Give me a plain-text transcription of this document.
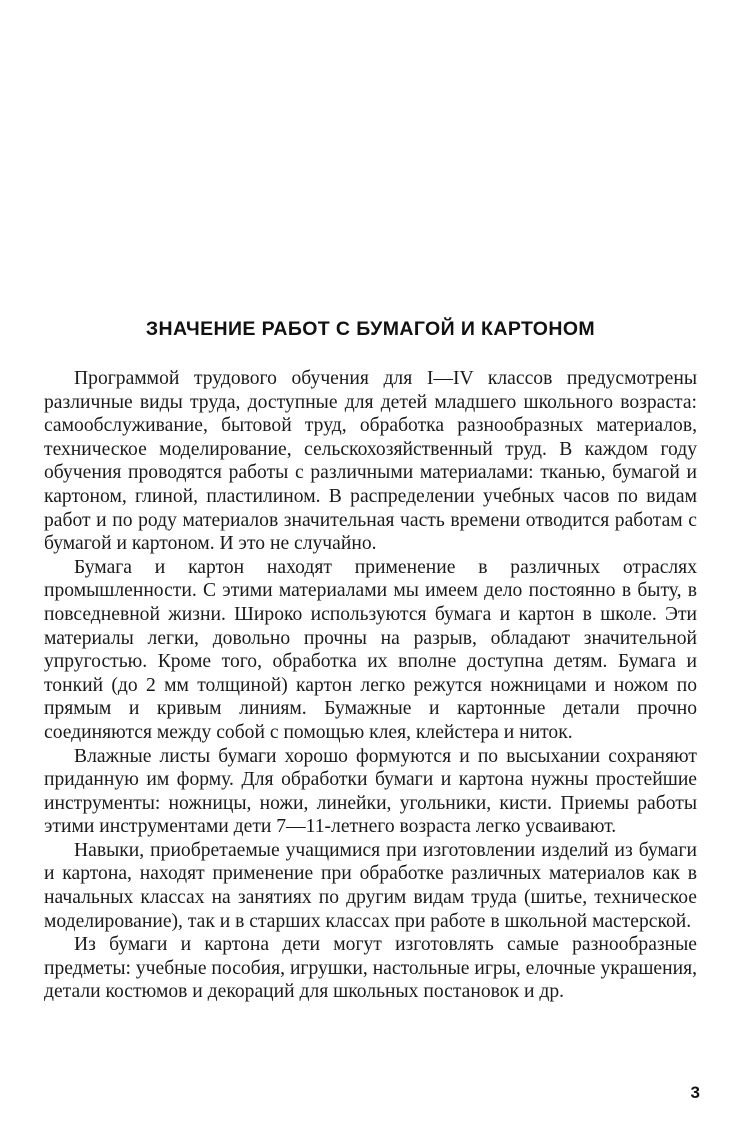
ЗНАЧЕНИЕ РАБОТ С БУМАГОЙ И КАРТОНОМ

Программой трудового обучения для I—IV классов предусмотрены различные виды труда, доступные для детей младшего школьного возраста: самообслуживание, бытовой труд, обработка разнообразных материалов, техническое моделирование, сельскохозяйственный труд. В каждом году обучения проводятся работы с различными материалами: тканью, бумагой и картоном, глиной, пластилином. В распределении учебных часов по видам работ и по роду материалов значительная часть времени отводится работам с бумагой и картоном. И это не случайно.

Бумага и картон находят применение в различных отраслях промышленности. С этими материалами мы имеем дело постоянно в быту, в повседневной жизни. Широко используются бумага и картон в школе. Эти материалы легки, довольно прочны на разрыв, обладают значительной упругостью. Кроме того, обработка их вполне доступна детям. Бумага и тонкий (до 2 мм толщиной) картон легко режутся ножницами и ножом по прямым и кривым линиям. Бумажные и картонные детали прочно соединяются между собой с помощью клея, клейстера и ниток.

Влажные листы бумаги хорошо формуются и по высыхании сохраняют приданную им форму. Для обработки бумаги и картона нужны простейшие инструменты: ножницы, ножи, линейки, угольники, кисти. Приемы работы этими инструментами дети 7—11-летнего возраста легко усваивают.

Навыки, приобретаемые учащимися при изготовлении изделий из бумаги и картона, находят применение при обработке различных материалов как в начальных классах на занятиях по другим видам труда (шитье, техническое моделирование), так и в старших классах при работе в школьной мастерской.

Из бумаги и картона дети могут изготовлять самые разнообразные предметы: учебные пособия, игрушки, настольные игры, елочные украшения, детали костюмов и декораций для школьных постановок и др.

3
